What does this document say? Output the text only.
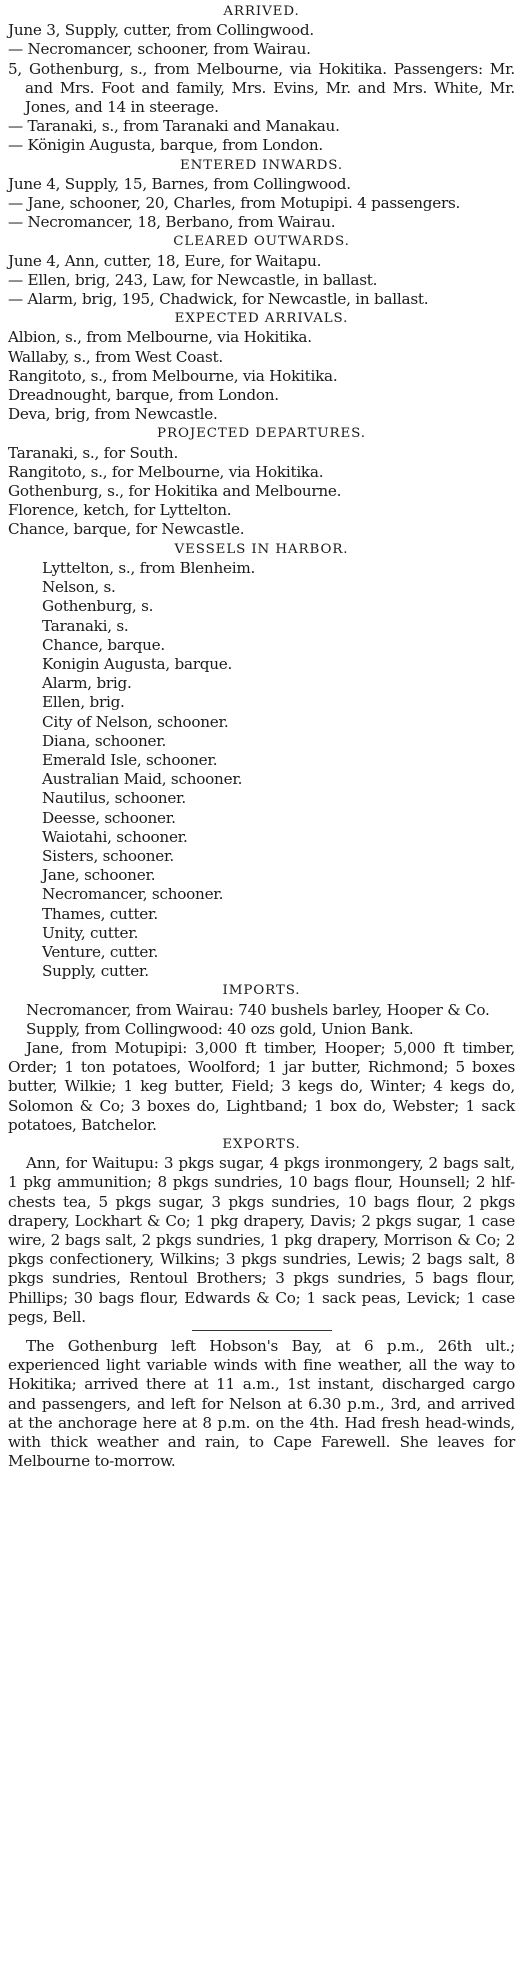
ARRIVED.

June 3, Supply, cutter, from Collingwood.

— Necromancer, schooner, from Wairau.

5, Gothenburg, s., from Melbourne, via Hokitika. Passengers: Mr. and Mrs. Foot and family, Mrs. Evins, Mr. and Mrs. White, Mr. Jones, and 14 in steerage.

— Taranaki, s., from Taranaki and Manakau.

— Königin Augusta, barque, from London.

ENTERED INWARDS.

June 4, Supply, 15, Barnes, from Collingwood.

— Jane, schooner, 20, Charles, from Motupipi. 4 passengers.

— Necromancer, 18, Berbano, from Wairau.

CLEARED OUTWARDS.

June 4, Ann, cutter, 18, Eure, for Waitapu.

— Ellen, brig, 243, Law, for Newcastle, in ballast.

— Alarm, brig, 195, Chadwick, for Newcastle, in ballast.

EXPECTED ARRIVALS.

Albion, s., from Melbourne, via Hokitika.

Wallaby, s., from West Coast.

Rangitoto, s., from Melbourne, via Hokitika.

Dreadnought, barque, from London.

Deva, brig, from Newcastle.

PROJECTED DEPARTURES.

Taranaki, s., for South.

Rangitoto, s., for Melbourne, via Hokitika.

Gothenburg, s., for Hokitika and Melbourne.

Florence, ketch, for Lyttelton.

Chance, barque, for Newcastle.

VESSELS IN HARBOR.

Lyttelton, s., from Blenheim.

Nelson, s.

Gothenburg, s.

Taranaki, s.

Chance, barque.

Konigin Augusta, barque.

Alarm, brig.

Ellen, brig.

City of Nelson, schooner.

Diana, schooner.

Emerald Isle, schooner.

Australian Maid, schooner.

Nautilus, schooner.

Deesse, schooner.

Waiotahi, schooner.

Sisters, schooner.

Jane, schooner.

Necromancer, schooner.

Thames, cutter.

Unity, cutter.

Venture, cutter.

Supply, cutter.

IMPORTS.

Necromancer, from Wairau: 740 bushels barley, Hooper & Co.

Supply, from Collingwood: 40 ozs gold, Union Bank.

Jane, from Motupipi: 3,000 ft timber, Hooper; 5,000 ft timber, Order; 1 ton potatoes, Woolford; 1 jar butter, Richmond; 5 boxes butter, Wilkie; 1 keg butter, Field; 3 kegs do, Winter; 4 kegs do, Solomon & Co; 3 boxes do, Lightband; 1 box do, Webster; 1 sack potatoes, Batchelor.

EXPORTS.

Ann, for Waitupu: 3 pkgs sugar, 4 pkgs ironmongery, 2 bags salt, 1 pkg ammunition; 8 pkgs sundries, 10 bags flour, Hounsell; 2 hlf-chests tea, 5 pkgs sugar, 3 pkgs sundries, 10 bags flour, 2 pkgs drapery, Lockhart & Co; 1 pkg drapery, Davis; 2 pkgs sugar, 1 case wire, 2 bags salt, 2 pkgs sundries, 1 pkg drapery, Morrison & Co; 2 pkgs confectionery, Wilkins; 3 pkgs sundries, Lewis; 2 bags salt, 8 pkgs sundries, Rentoul Brothers; 3 pkgs sundries, 5 bags flour, Phillips; 30 bags flour, Edwards & Co; 1 sack peas, Levick; 1 case pegs, Bell.

The Gothenburg left Hobson's Bay, at 6 p.m., 26th ult.; experienced light variable winds with fine weather, all the way to Hokitika; arrived there at 11 a.m., 1st instant, discharged cargo and passengers, and left for Nelson at 6.30 p.m., 3rd, and arrived at the anchorage here at 8 p.m. on the 4th. Had fresh head-winds, with thick weather and rain, to Cape Farewell. She leaves for Melbourne to-morrow.
